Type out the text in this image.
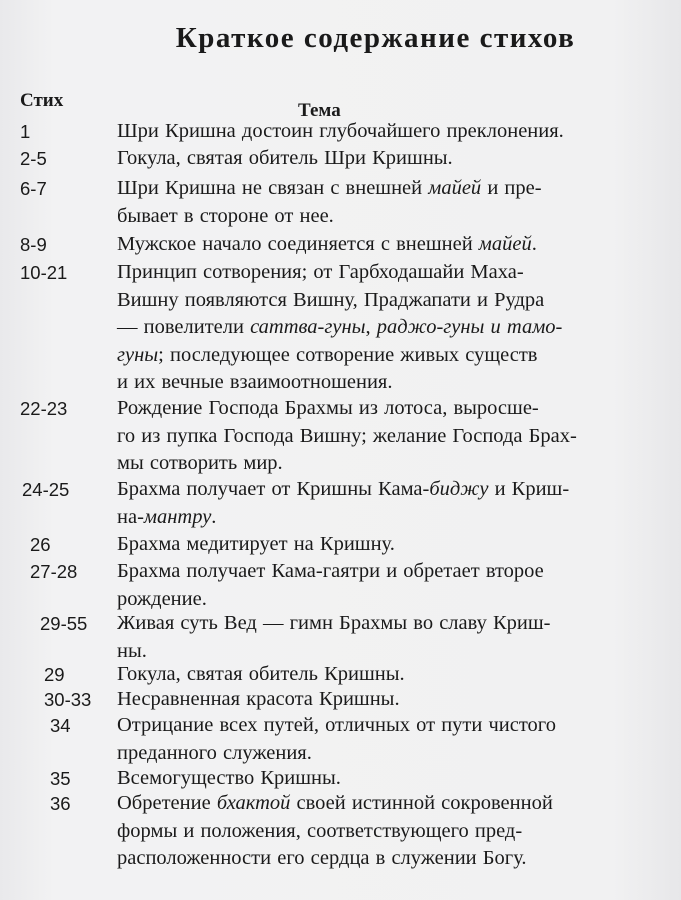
Краткое содержание стихов
Стих	Тема
1	Шри Кришна достоин глубочайшего преклонения.

2-5	Гокула, святая обитель Шри Кришны.

6-7	Шри Кришна не связан с внешней майей и пре-
бывает в стороне от нее.

8-9	Мужское начало соединяется с внешней майей.

10-21 Принцип сотворения; от Гарбходашайи Маха-
Вишну появляются Вишну, Праджапати и Рудра
— повелители саттва-гуны, раджо-гуны и тамо-
гуны; последующее сотворение живых существ
и их вечные взаимоотношения.

22-23 Рождение Господа Брахмы из лотоса, выросше-
го из пупка Господа Вишну; желание Господа Брах-
мы сотворить мир.

24-25 Брахма получает от Кришны Кама-биджу и Криш-
на-мантру.

26	Брахма медитирует на Кришну.

27-28 Брахма получает Кама-гаятри и обретает второе
рождение.

29-55 Живая суть Вед — гимн Брахмы во славу Криш-
ны.

29	Гокула, святая обитель Кришны.

30-33 Несравненная красота Кришны.

34 Отрицание всех путей, отличных от пути чистого
преданного служения.

35 Всемогущество Кришны.

36 Обретение бхактой своей истинной сокровенной
формы и положения, соответствующего пред-
расположенности его сердца в служении Богу.
